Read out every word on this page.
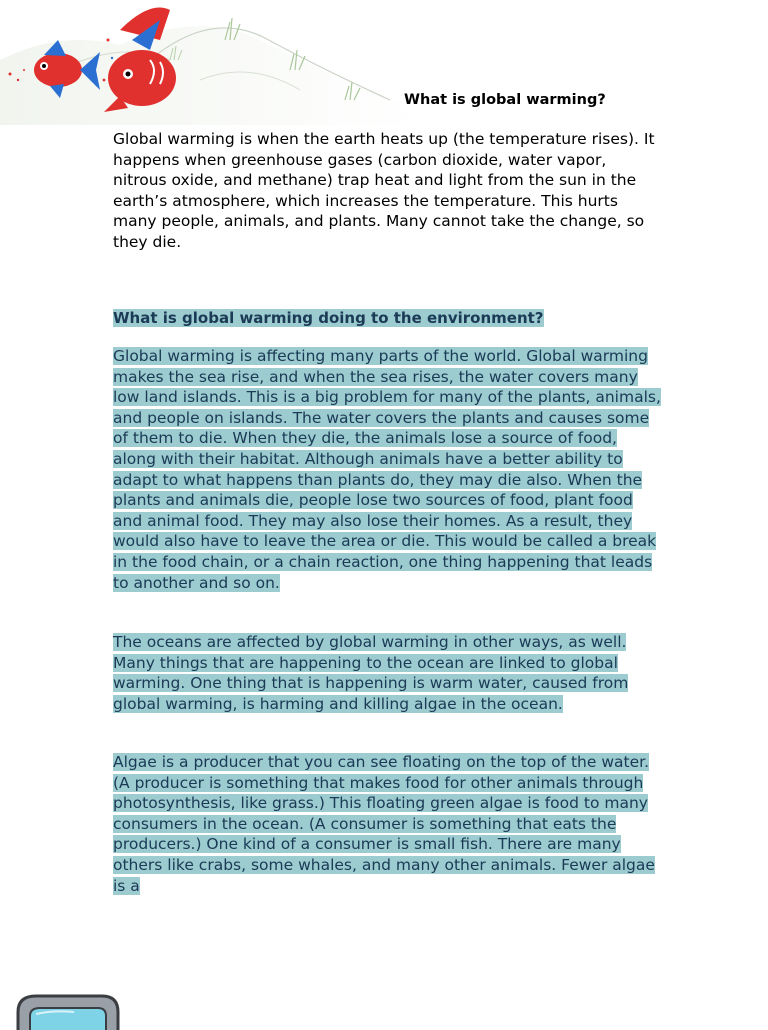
What is global warming?

Global warming is when the earth heats up (the temperature rises). It happens when greenhouse gases (carbon dioxide, water vapor, nitrous oxide, and methane) trap heat and light from the sun in the earth’s atmosphere, which increases the temperature. This hurts many people, animals, and plants. Many cannot take the change, so they die.

What is global warming doing to the environment?

Global warming is affecting many parts of the world. Global warming makes the sea rise, and when the sea rises, the water covers many low land islands. This is a big problem for many of the plants, animals, and people on islands. The water covers the plants and causes some of them to die. When they die, the animals lose a source of food, along with their habitat. Although animals have a better ability to adapt to what happens than plants do, they may die also. When the plants and animals die, people lose two sources of food, plant food and animal food. They may also lose their homes. As a result, they would also have to leave the area or die. This would be called a break in the food chain, or a chain reaction, one thing happening that leads to another and so on.

The oceans are affected by global warming in other ways, as well. Many things that are happening to the ocean are linked to global warming. One thing that is happening is warm water, caused from global warming, is harming and killing algae in the ocean.

Algae is a producer that you can see floating on the top of the water. (A producer is something that makes food for other animals through photosynthesis, like grass.) This floating green algae is food to many consumers in the ocean. (A consumer is something that eats the producers.) One kind of a consumer is small fish. There are many others like crabs, some whales, and many other animals. Fewer algae is a
